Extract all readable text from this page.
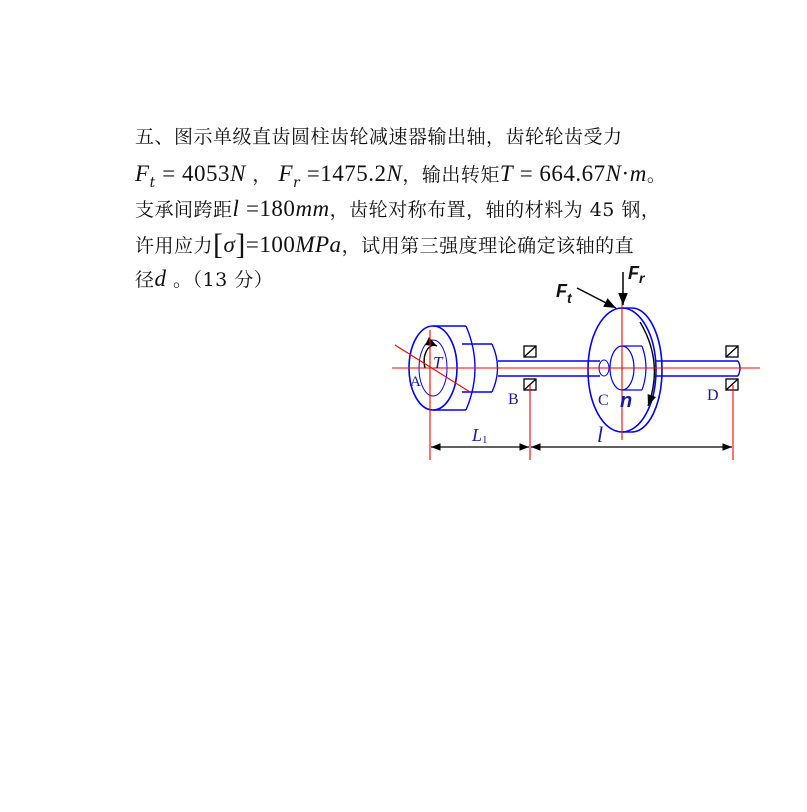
五、图示单级直齿圆柱齿轮减速器输出轴，齿轮轮齿受力
$F_t = 4053N$ ， $F_r =1475.2N$，输出转矩T = 664.67N·m。
支承间跨距l =180mm，齿轮对称布置，轴的材料为 45 钢，
许用应力[σ]=100MPa，试用第三强度理论确定该轴的直
径d 。（13 分）
A
B	C	D
T
n
$F_t$
$F_r$
L1	l
